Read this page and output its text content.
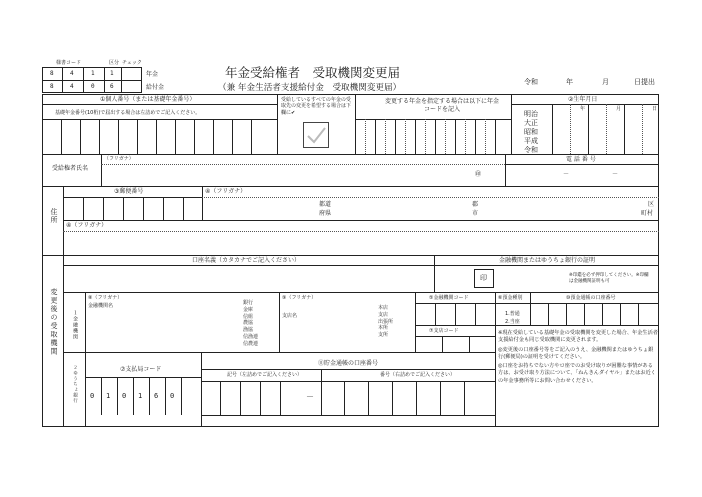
様書コード	区分 チェック
8	4	1	1
8	4	0	6
年金
給付金
年金受給権者　受取機関変更届
（兼 年金生活者支援給付金　受取機関変更届）
令和	年	月	日提出
①個人番号（または基礎年金番号）
基礎年金番号(10桁)で届出する場合は左詰めでご記入ください。
受給しているすべての年金の受取先の変更を希望する場合は下欄に✔
変更する年金を指定する場合は以下に年金コードを記入
②生年月日
明治
大正
昭和
平成
令和
年	月	日
受給権者氏名
（フリガナ）
㊞
電 話 番 号
－	－
住所
③郵便番号	④（フリガナ）
都道
府県
郡
市
区
町村
④（フリガナ）
変更後の受取機関
口座名義（カタカナでご記入ください）	金融機関またはゆうちょ銀行の証明
印	※印鑑を必ず押印してください。※印欄は金融機関証明も可
１金融機関
⑧（フリガナ）
金融機関名	銀行
金庫
信組
農協
漁協
信漁連
信農連
⑨（フリガナ）
支店名
本店
支店
出張所
本所
支所
⑤金融機関コード
⑦支店コード
⑥預金種別
1.普通
2.当座
⑩預金通帳の口座番号
※現在受給している基礎年金の受取機関を変更した場合、年金生活者支援給付金も同じ受取機関に変更されます。
◎変更後の口座番号等をご記入のうえ、金融機関またはゆうちょ銀行(郵便局)の証明を受けてください。
◎口座をお持ちでない方やロ座でのお受け取りが困難な事情がある方は、お受け取り方法について、「ねんきんダイヤル」またはお近くの年金事務所等にお問い合わせください。
２ゆうちょ銀行	⑦支払局コード
0 1 0 1 6 0
⑪貯金通帳の口座番号
記号（左詰めでご記入ください）	番号（右詰めでご記入ください）
－
